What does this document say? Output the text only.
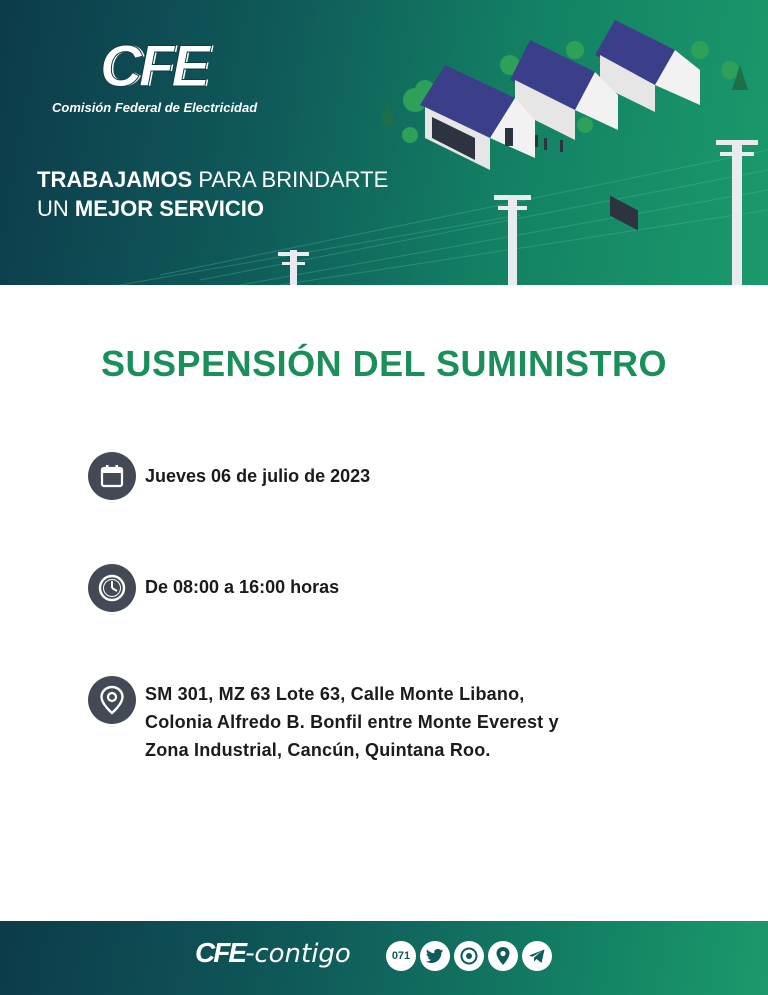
CFE
Comisión Federal de Electricidad
TRABAJAMOS PARA BRINDARTE
UN MEJOR SERVICIO
SUSPENSIÓN DEL SUMINISTRO
Jueves 06 de julio de 2023
De 08:00 a 16:00 horas
SM 301, MZ 63 Lote 63, Calle Monte Libano,
Colonia Alfredo B. Bonfil entre Monte Everest y
Zona Industrial, Cancún, Quintana Roo.
CFE-contigo	071
